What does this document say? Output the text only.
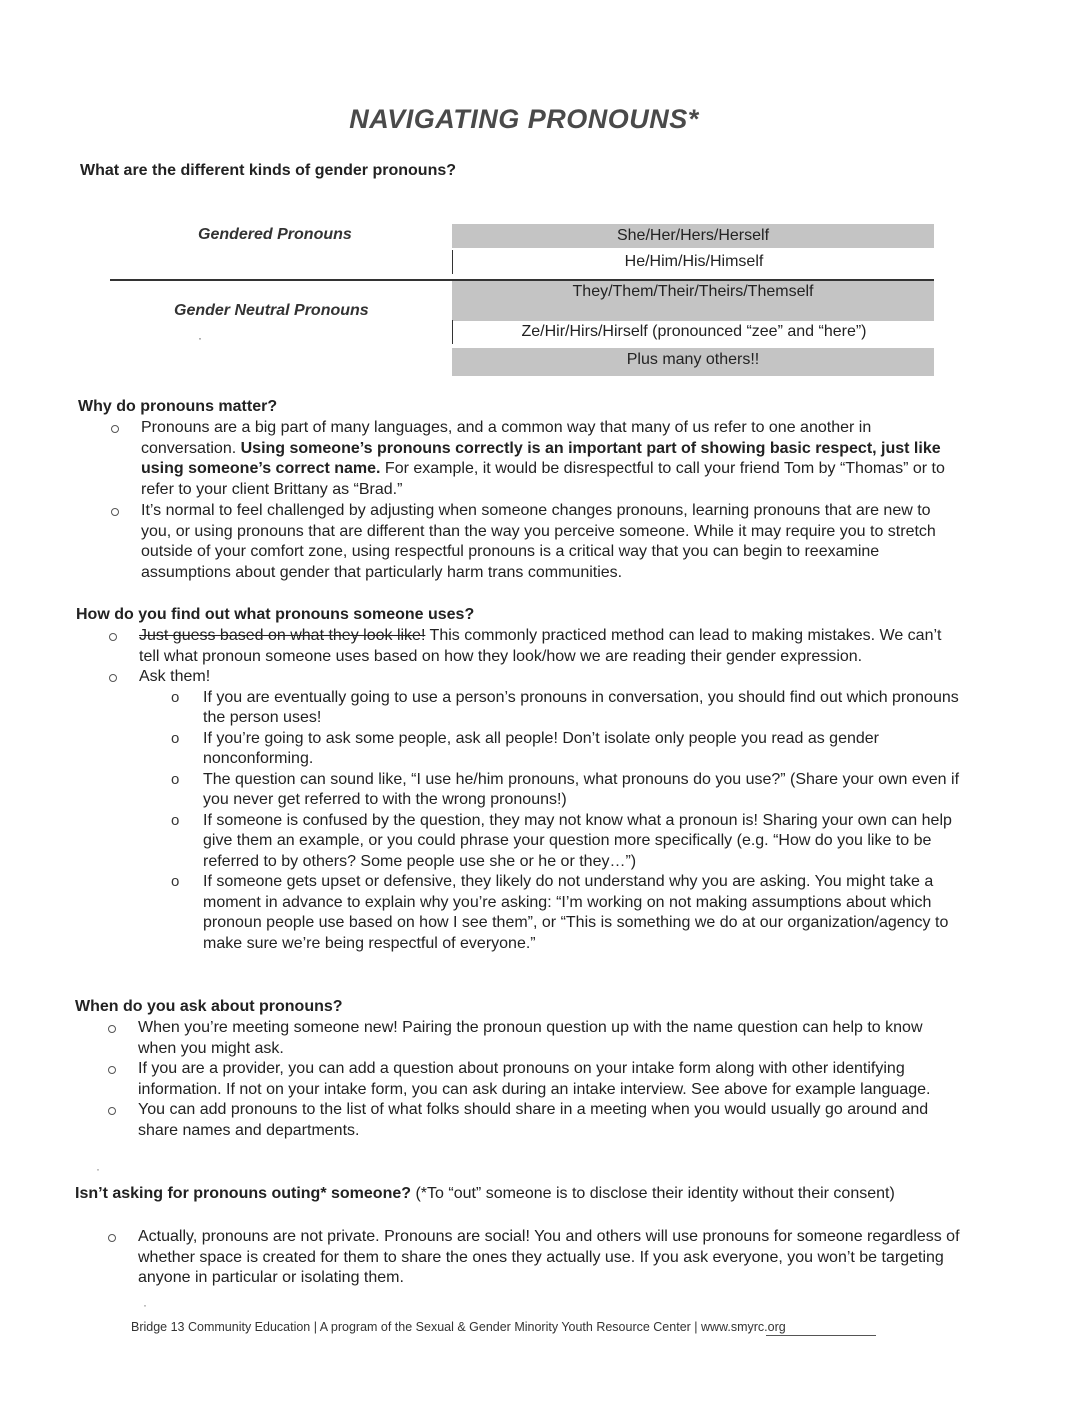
NAVIGATING PRONOUNS*
What are the different kinds of gender pronouns?
Gendered Pronouns	She/Her/Hers/Herself
He/Him/His/Himself
Gender Neutral Pronouns
·
They/Them/Their/Theirs/Themself
Ze/Hir/Hirs/Hirself (pronounced “zee” and “here”)
Plus many others!!
Why do pronouns matter?
Pronouns are a big part of many languages, and a common way that many of us refer to one another in conversation. Using someone’s pronouns correctly is an important part of showing basic respect, just like using someone’s correct name. For example, it would be disrespectful to call your friend Tom by “Thomas” or to refer to your client Brittany as “Brad.”
It’s normal to feel challenged by adjusting when someone changes pronouns, learning pronouns that are new to you, or using pronouns that are different than the way you perceive someone. While it may require you to stretch outside of your comfort zone, using respectful pronouns is a critical way that you can begin to reexamine assumptions about gender that particularly harm trans communities.
How do you find out what pronouns someone uses?
Just guess based on what they look like! This commonly practiced method can lead to making mistakes. We can’t tell what pronoun someone uses based on how they look/how we are reading their gender expression.
Ask them!
o If you are eventually going to use a person’s pronouns in conversation, you should find out which pronouns the person uses!
o If you’re going to ask some people, ask all people! Don’t isolate only people you read as gender nonconforming.
o The question can sound like, “I use he/him pronouns, what pronouns do you use?” (Share your own even if you never get referred to with the wrong pronouns!)
o If someone is confused by the question, they may not know what a pronoun is! Sharing your own can help give them an example, or you could phrase your question more specifically (e.g. “How do you like to be referred to by others? Some people use she or he or they…”)
o If someone gets upset or defensive, they likely do not understand why you are asking. You might take a moment in advance to explain why you’re asking: “I’m working on not making assumptions about which pronoun people use based on how I see them”, or “This is something we do at our organization/agency to make sure we’re being respectful of everyone.”
When do you ask about pronouns?
When you’re meeting someone new! Pairing the pronoun question up with the name question can help to know when you might ask.
If you are a provider, you can add a question about pronouns on your intake form along with other identifying information. If not on your intake form, you can ask during an intake interview. See above for example language.
You can add pronouns to the list of what folks should share in a meeting when you would usually go around and share names and departments.
·
Isn’t asking for pronouns outing* someone? (*To “out” someone is to disclose their identity without their consent)
Actually, pronouns are not private. Pronouns are social! You and others will use pronouns for someone regardless of whether space is created for them to share the ones they actually use. If you ask everyone, you won’t be targeting anyone in particular or isolating them.
·
Bridge 13 Community Education | A program of the Sexual & Gender Minority Youth Resource Center | www.smyrc.org
